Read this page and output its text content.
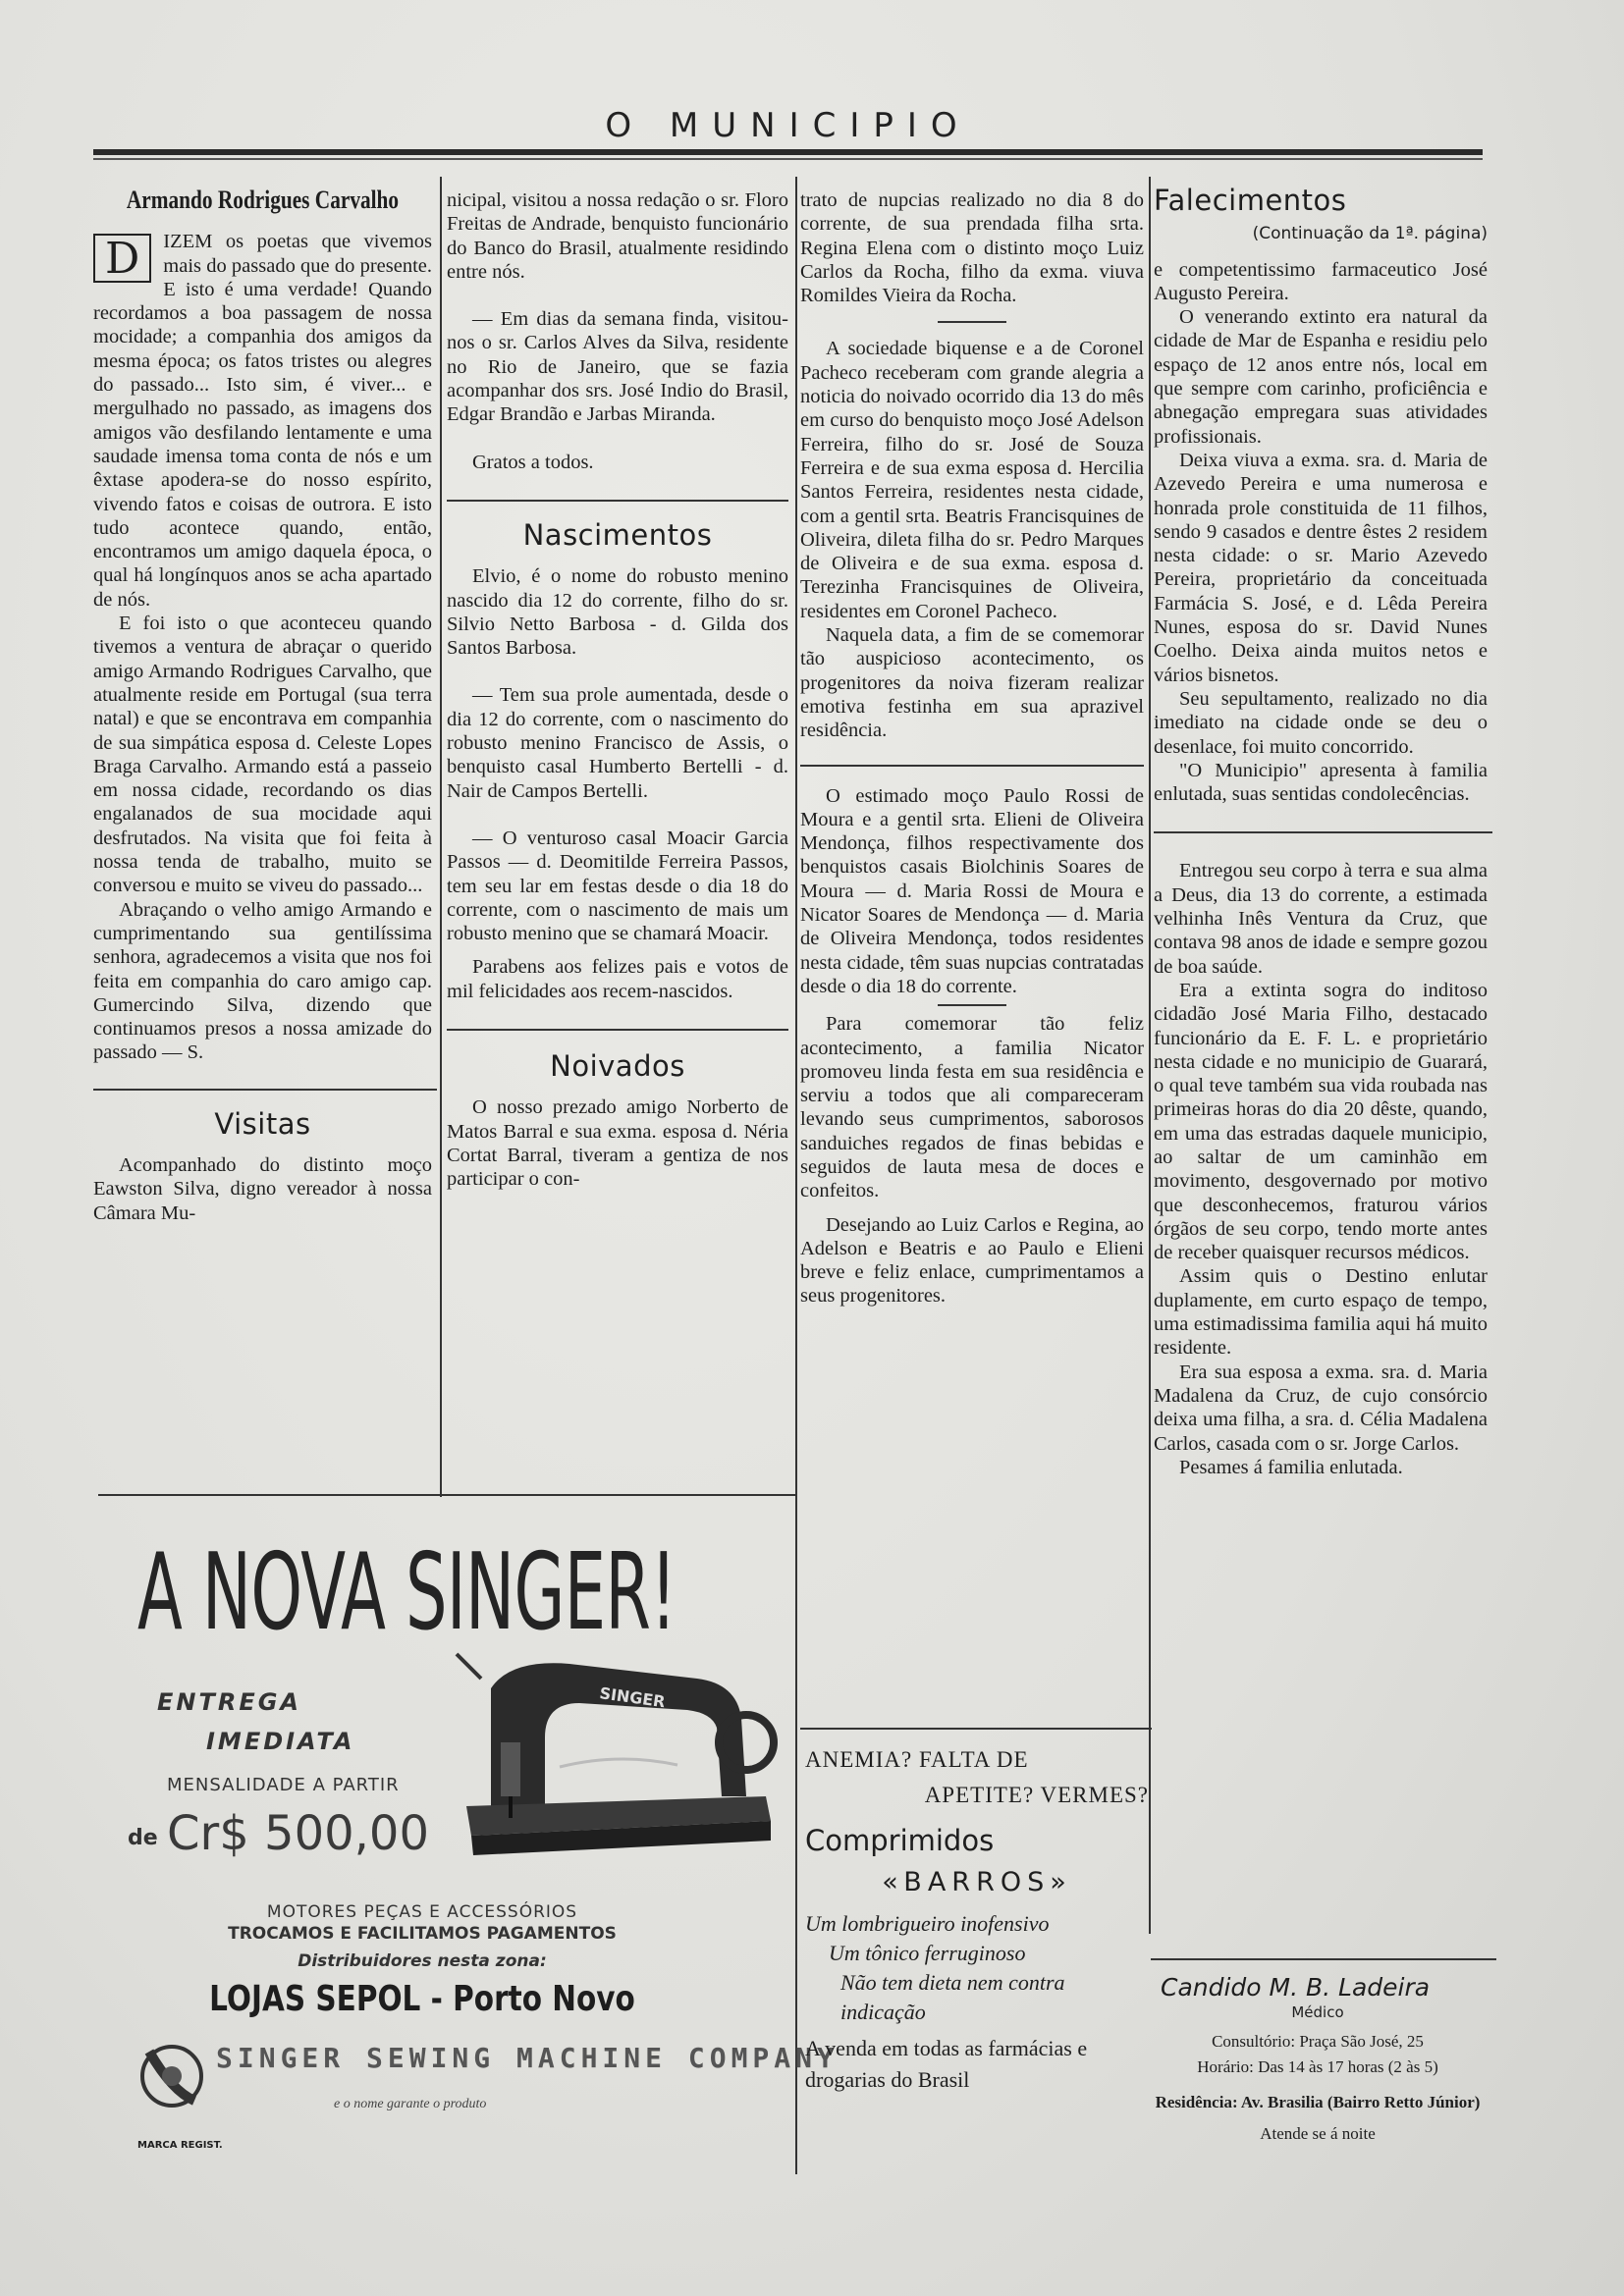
O MUNICIPIO
Armando Rodrigues Carvalho

D	IZEM os poetas que vivemos mais do passado que do presente. E isto é uma verdade! Quando recordamos a boa passagem de nossa mocidade; a companhia dos amigos da mesma época; os fatos tristes ou alegres do passado... Isto sim, é viver... e mergulhado no passado, as imagens dos amigos vão desfilando lentamente e uma saudade imensa toma conta de nós e um êxtase apodera-se do nosso espírito, vivendo fatos e coisas de outrora. E isto tudo acontece quando, então, encontramos um amigo daquela época, o qual há longínquos anos se acha apartado de nós.

E foi isto o que aconteceu quando tivemos a ventura de abraçar o querido amigo Armando Rodrigues Carvalho, que atualmente reside em Portugal (sua terra natal) e que se encontrava em companhia de sua simpática esposa d. Celeste Lopes Braga Carvalho. Armando está a passeio em nossa cidade, recordando os dias engalanados de sua mocidade aqui desfrutados. Na visita que foi feita à nossa tenda de trabalho, muito se conversou e muito se viveu do passado...

Abraçando o velho amigo Armando e cumprimentando sua gentilíssima senhora, agradecemos a visita que nos foi feita em companhia do caro amigo cap. Gumercindo Silva, dizendo que continuamos presos a nossa amizade do passado — S.

Visitas

Acompanhado do distinto moço Eawston Silva, digno vereador à nossa Câmara Mu-

nicipal, visitou a nossa redação o sr. Floro Freitas de Andrade, benquisto funcionário do Banco do Brasil, atualmente residindo entre nós.

— Em dias da semana finda, visitou-nos o sr. Carlos Alves da Silva, residente no Rio de Janeiro, que se fazia acompanhar dos srs. José Indio do Brasil, Edgar Brandão e Jarbas Miranda.

Gratos a todos.

Nascimentos

Elvio, é o nome do robusto menino nascido dia 12 do corrente, filho do sr. Silvio Netto Barbosa - d. Gilda dos Santos Barbosa.

— Tem sua prole aumentada, desde o dia 12 do corrente, com o nascimento do robusto menino Francisco de Assis, o benquisto casal Humberto Bertelli - d. Nair de Campos Bertelli.

— O venturoso casal Moacir Garcia Passos — d. Deomitilde Ferreira Passos, tem seu lar em festas desde o dia 18 do corrente, com o nascimento de mais um robusto menino que se chamará Moacir.

Parabens aos felizes pais e votos de mil felicidades aos recem-nascidos.

Noivados

O nosso prezado amigo Norberto de Matos Barral e sua exma. esposa d. Néria Cortat Barral, tiveram a gentiza de nos participar o con-

trato de nupcias realizado no dia 8 do corrente, de sua prendada filha srta. Regina Elena com o distinto moço Luiz Carlos da Rocha, filho da exma. viuva Romildes Vieira da Rocha.

A sociedade biquense e a de Coronel Pacheco receberam com grande alegria a noticia do noivado ocorrido dia 13 do mês em curso do benquisto moço José Adelson Ferreira, filho do sr. José de Souza Ferreira e de sua exma esposa d. Hercilia Santos Ferreira, residentes nesta cidade, com a gentil srta. Beatris Francisquines de Oliveira, dileta filha do sr. Pedro Marques de Oliveira e de sua exma. esposa d. Terezinha Francisquines de Oliveira, residentes em Coronel Pacheco.

Naquela data, a fim de se comemorar tão auspicioso acontecimento, os progenitores da noiva fizeram realizar emotiva festinha em sua aprazivel residência.

O estimado moço Paulo Rossi de Moura e a gentil srta. Elieni de Oliveira Mendonça, filhos respectivamente dos benquistos casais Biolchinis Soares de Moura — d. Maria Rossi de Moura e Nicator Soares de Mendonça — d. Maria de Oliveira Mendonça, todos residentes nesta cidade, têm suas nupcias contratadas desde o dia 18 do corrente.

Para comemorar tão feliz acontecimento, a familia Nicator promoveu linda festa em sua residência e serviu a todos que ali compareceram levando seus cumprimentos, saborosos sanduiches regados de finas bebidas e seguidos de lauta mesa de doces e confeitos.

Desejando ao Luiz Carlos e Regina, ao Adelson e Beatris e ao Paulo e Elieni breve e feliz enlace, cumprimentamos a seus progenitores.

Falecimentos
(Continuação da 1ª. página)

e competentissimo farmaceutico José Augusto Pereira.

O venerando extinto era natural da cidade de Mar de Espanha e residiu pelo espaço de 12 anos entre nós, local em que sempre com carinho, proficiência e abnegação empregara suas atividades profissionais.

Deixa viuva a exma. sra. d. Maria de Azevedo Pereira e uma numerosa e honrada prole constituida de 11 filhos, sendo 9 casados e dentre êstes 2 residem nesta cidade: o sr. Mario Azevedo Pereira, proprietário da conceituada Farmácia S. José, e d. Lêda Pereira Nunes, esposa do sr. David Nunes Coelho. Deixa ainda muitos netos e vários bisnetos.

Seu sepultamento, realizado no dia imediato na cidade onde se deu o desenlace, foi muito concorrido.

"O Municipio" apresenta à familia enlutada, suas sentidas condolecências.

Entregou seu corpo à terra e sua alma a Deus, dia 13 do corrente, a estimada velhinha Inês Ventura da Cruz, que contava 98 anos de idade e sempre gozou de boa saúde.

Era a extinta sogra do inditoso cidadão José Maria Filho, destacado funcionário da E. F. L. e proprietário nesta cidade e no municipio de Guarará, o qual teve também sua vida roubada nas primeiras horas do dia 20 dêste, quando, em uma das estradas daquele municipio, ao saltar de um caminhão em movimento, desgovernado por motivo que desconhecemos, fraturou vários órgãos de seu corpo, tendo morte antes de receber quaisquer recursos médicos.

Assim quis o Destino enlutar duplamente, em curto espaço de tempo, uma estimadissima familia aqui há muito residente.

Era sua esposa a exma. sra. d. Maria Madalena da Cruz, de cujo consórcio deixa uma filha, a sra. d. Célia Madalena Carlos, casada com o sr. Jorge Carlos.

Pesames á familia enlutada.

A NOVA SINGER!
ENTREGA
IMEDIATA
MENSALIDADE A PARTIR
de Cr$ 500,00
SINGER
MOTORES PEÇAS E ACCESSÓRIOS
TROCAMOS E FACILITAMOS PAGAMENTOS
Distribuidores nesta zona:
LOJAS SEPOL - Porto Novo
MARCA REGIST.
SINGER SEWING MACHINE COMPANY
e o nome garante o produto
ANEMIA? FALTA DE
APETITE? VERMES?
Comprimidos
«BARROS»
Um lombrigueiro inofensivo
Um tônico ferruginoso
Não tem dieta nem contra indicação
A venda em todas as farmácias e drogarias do Brasil
Candido M. B. Ladeira
Médico
Consultório: Praça São José, 25
Horário: Das 14 às 17 horas (2 às 5)
Residência: Av. Brasilia (Bairro Retto Júnior)
Atende se á noite
